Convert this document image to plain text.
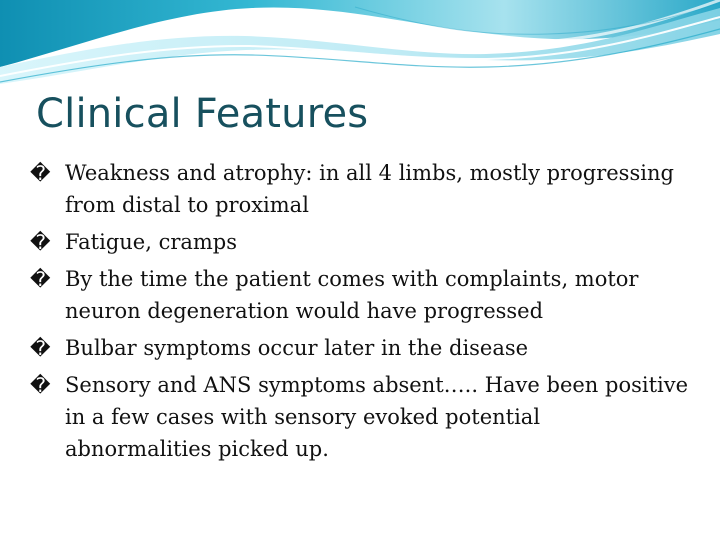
Clinical Features
� Weakness and atrophy: in all 4 limbs, mostly progressing from distal to proximal
� Fatigue, cramps
� By the time the patient comes with complaints, motor neuron degeneration would have progressed
� Bulbar symptoms occur later in the disease
� Sensory and ANS symptoms absent….. Have been positive in a few cases with sensory evoked potential abnormalities picked up.
